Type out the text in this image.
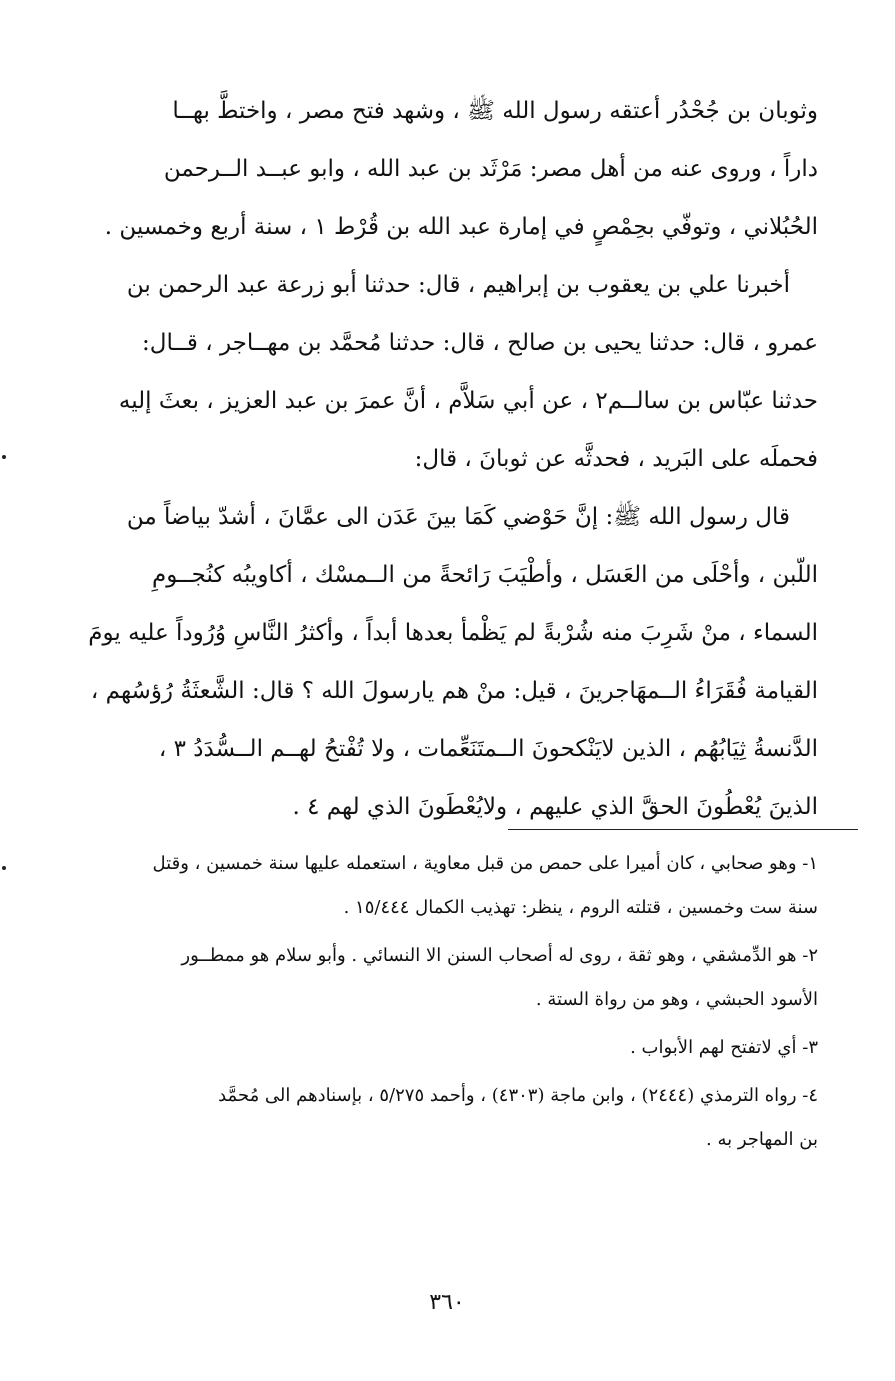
وثوبان بن جُحْدُر أعتقه رسول الله ﷺ ، وشهد فتح مصر ، واختطَّ بهــا
داراً ، وروى عنه من أهل مصر: مَرْثَد بن عبد الله ، وابو عبــد الــرحمن
الحُبُلاني ، وتوفّي بحِمْصٍ في إمارة عبد الله بن قُرْط ١ ، سنة أربع وخمسين .

أخبرنا علي بن يعقوب بن إبراهيم ، قال: حدثنا أبو زرعة عبد الرحمن بن
عمرو ، قال: حدثنا يحيى بن صالح ، قال: حدثنا مُحمَّد بن مهــاجر ، قــال:
حدثنا عبّاس بن سالــم٢ ، عن أبي سَلاَّم ، أنَّ عمرَ بن عبد العزيز ، بعثَ إليه
فحملَه على البَريد ، فحدثَّه عن ثوبانَ ، قال:

قال رسول الله ﷺ: إنَّ حَوْضي كَمَا بينَ عَدَن الى عمَّانَ ، أشدّ بياضاً من
اللّبن ، وأحْلَى من العَسَل ، وأطْيَبَ رَائحةً من الــمسْك ، أكاويبُه كنُجــومِ
السماء ، منْ شَرِبَ منه شُرْبةً لم يَظْمأ بعدها أبداً ، وأكثرُ النَّاسِ وُرُوداً عليه يومَ
القيامة فُقَرَاءُ الــمهَاجرينَ ، قيل: منْ هم يارسولَ الله ؟ قال: الشَّعثَةُ رُؤسُهم ،
الدَّنسةُ ثِيَابُهُم ، الذين لايَنْكحونَ الــمتَنَعِّمات ، ولا تُفْتحُ لهــم الــسُّدَدُ ٣ ،
الذينَ يُعْطُونَ الحقَّ الذي عليهم ، ولايُعْطَونَ الذي لهم ٤ .

١- وهو صحابي ، كان أميرا على حمص من قبل معاوية ، استعمله عليها سنة خمسين ، وقتل
سنة ست وخمسين ، قتلته الروم ، ينظر: تهذيب الكمال ١٥/٤٤٤ .

٢- هو الدِّمشقي ، وهو ثقة ، روى له أصحاب السنن الا النسائي . وأبو سلام هو ممطــور
الأسود الحبشي ، وهو من رواة الستة .

٣- أي لاتفتح لهم الأبواب .

٤- رواه الترمذي (٢٤٤٤) ، وابن ماجة (٤٣٠٣) ، وأحمد ٥/٢٧٥ ، بإسنادهم الى مُحمَّد
بن المهاجر به .

٣٦٠
